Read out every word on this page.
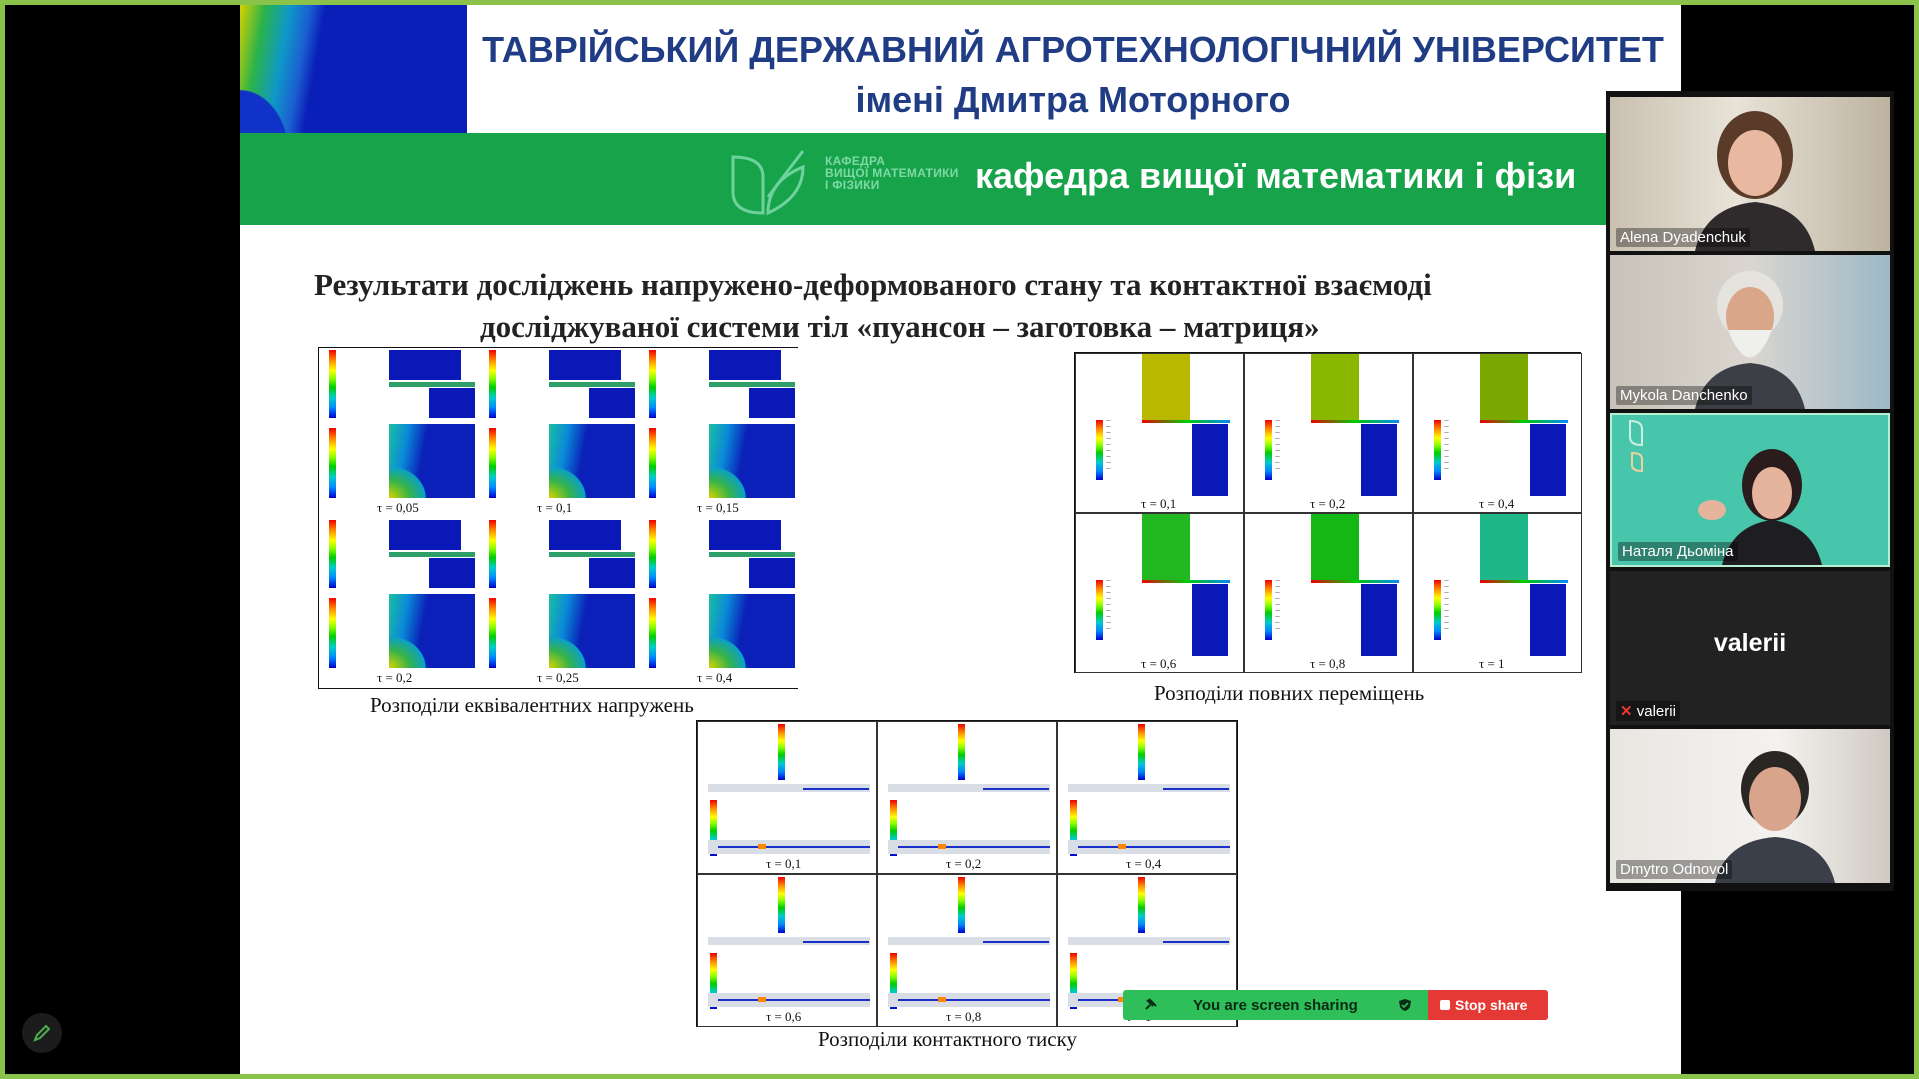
ТАВРІЙСЬКИЙ ДЕРЖАВНИЙ АГРОТЕХНОЛОГІЧНИЙ УНІВЕРСИТЕТ
імені Дмитра Моторного
КАФЕДРА
ВИЩОЇ МАТЕМАТИКИ
І ФІЗИКИ	кафедра вищої математики і фізи
Результати досліджень напружено-деформованого стану та контактної взаємоді
досліджуваної системи тіл «пуансон – заготовка – матриця»
τ = 0,05	τ = 0,1	τ = 0,15
τ = 0,2	τ = 0,25	τ = 0,4
Розподіли еквівалентних напружень
—
—
—
—
—
—
—
—
—
τ = 0,1
—
—
—
—
—
—
—
—
—
τ = 0,2
—
—
—
—
—
—
—
—
—
τ = 0,4
—
—
—
—
—
—
—
—
—
τ = 0,6
—
—
—
—
—
—
—
—
—
τ = 0,8
—
—
—
—
—
—
—
—
—
τ = 1
Розподіли повних переміщень
τ = 0,1	τ = 0,2	τ = 0,4
τ = 0,6	τ = 0,8
Розподіли контактного тиску
Alena Dyadenchuk
Mykola Danchenko
Наталя Дьоміна
valerii
✕ valerii
Dmytro Odnovol
You are screen sharing	Stop share
